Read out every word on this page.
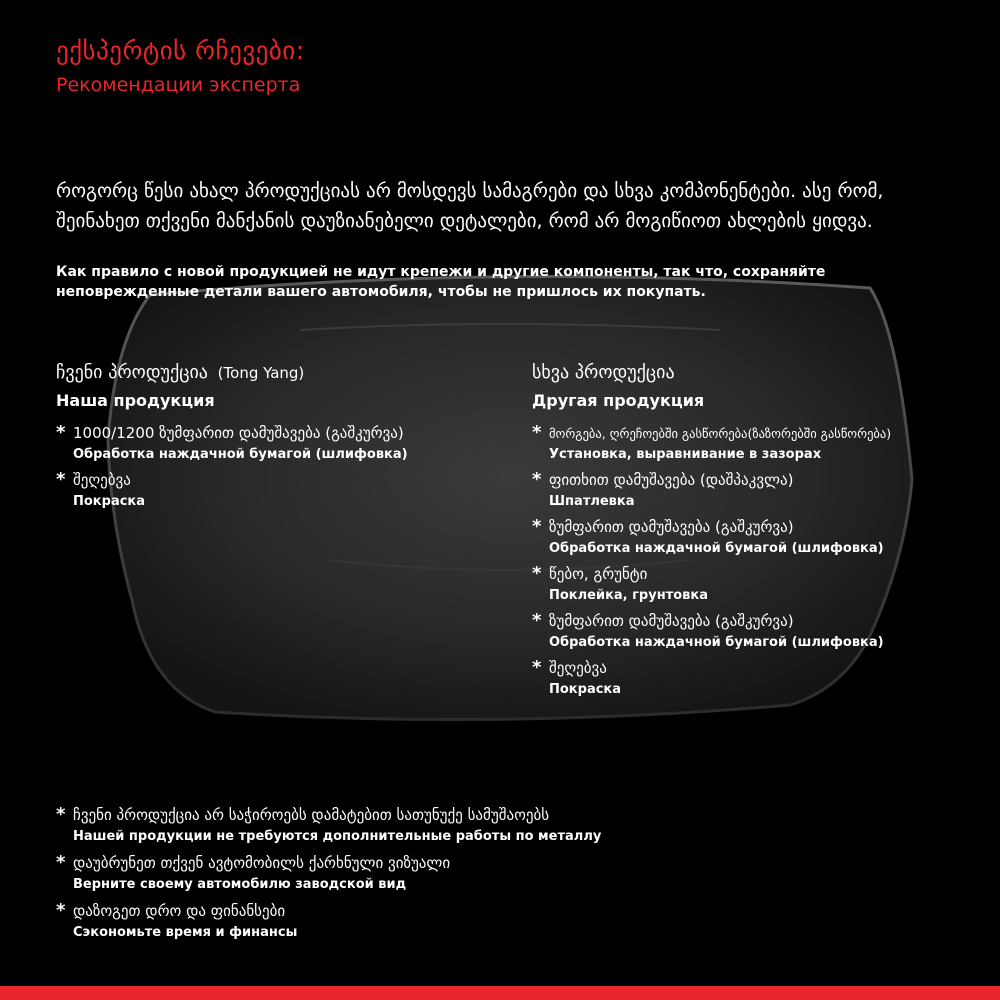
ექსპერტის რჩევები:
Рекомендации эксперта
როგორც წესი ახალ პროდუქციას არ მოსდევს სამაგრები და სხვა კომპონენტები. ასე რომ, შეინახეთ თქვენი მანქანის დაუზიანებელი დეტალები, რომ არ მოგიწიოთ ახლების ყიდვა.
Как правило с новой продукцией не идут крепежи и другие компоненты, так что, сохраняйте неповрежденные детали вашего автомобиля, чтобы не пришлось их покупать.
ჩვენი პროდუქცია (Tong Yang)
Наша продукция
* 1000/1200 ზუმფარით დამუშავება (გაშკურვა)
Обработка наждачной бумагой (шлифовка)
* შეღებვა
Покраска
სხვა პროდუქცია
Другая продукция
* მორგება, ღრეჩოებში გასწორება(ზაზორებში გასწორება)
Установка, выравнивание в зазорах
* ფითხით დამუშავება (დაშპაკვლა)
Шпатлевка
* ზუმფარით დამუშავება (გაშკურვა)
Обработка наждачной бумагой (шлифовка)
* წებო, გრუნტი
Поклейка, грунтовка
* ზუმფარით დამუშავება (გაშკურვა)
Обработка наждачной бумагой (шлифовка)
* შეღებვა
Покраска
* ჩვენი პროდუქცია არ საჭიროებს დამატებით სათუნუქე სამუშაოებს
Нашей продукции не требуются дополнительные работы по металлу
* დაუბრუნეთ თქვენ ავტომობილს ქარხნული ვიზუალი
Верните своему автомобилю заводской вид
* დაზოგეთ დრო და ფინანსები
Сэкономьте время и финансы
